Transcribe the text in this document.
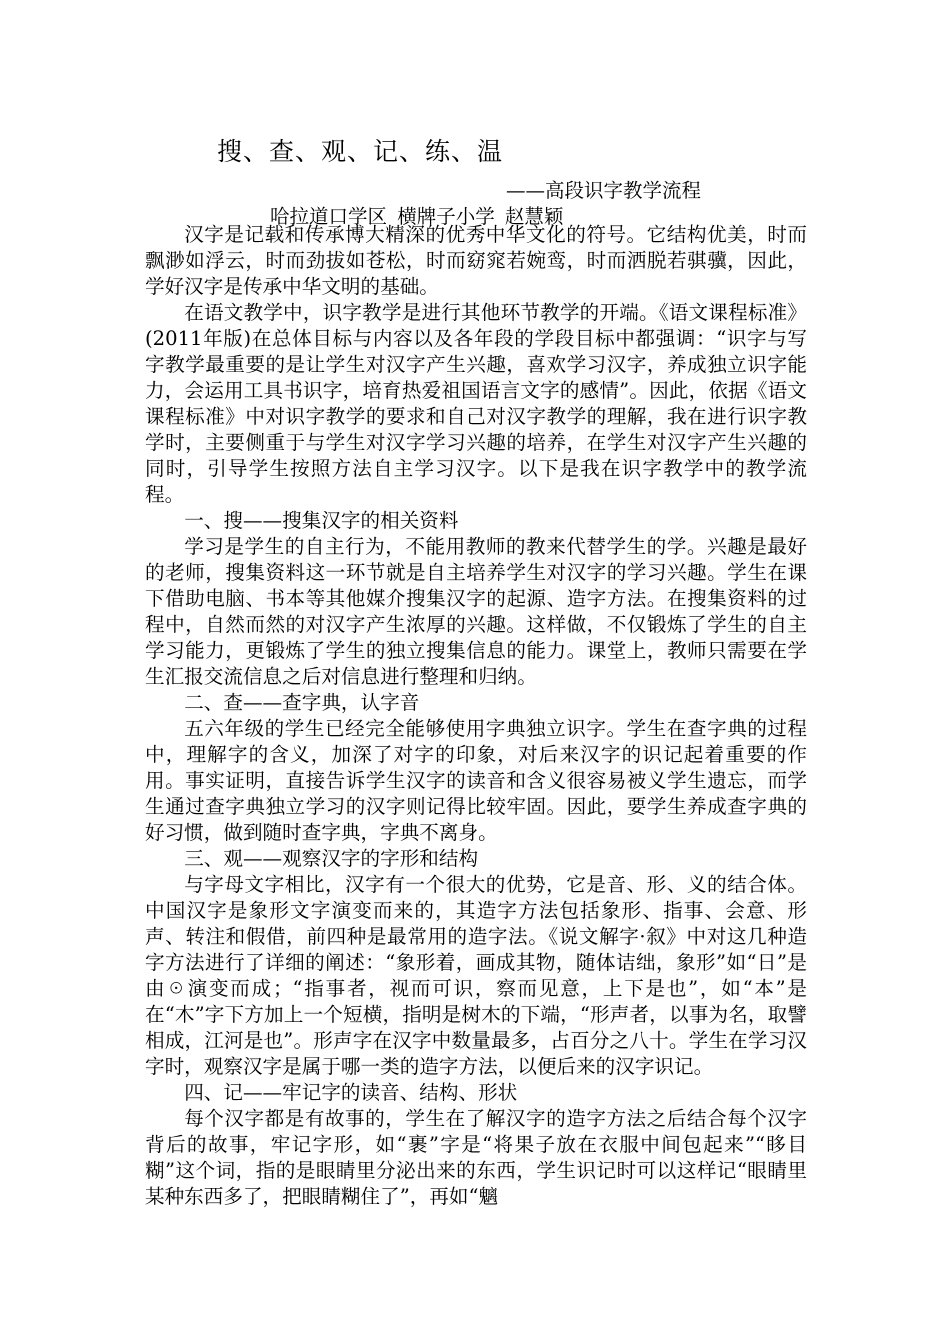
搜、查、观、记、练、温
——高段识字教学流程
哈拉道口学区 横牌子小学 赵慧颖

汉字是记载和传承博大精深的优秀中华文化的符号。它结构优美，时而飘渺如浮云，时而劲拔如苍松，时而窈窕若婉鸾，时而洒脱若骐骥，因此，学好汉字是传承中华文明的基础。

在语文教学中，识字教学是进行其他环节教学的开端。《语文课程标准》(2011年版)在总体目标与内容以及各年段的学段目标中都强调：“识字与写字教学最重要的是让学生对汉字产生兴趣，喜欢学习汉字，养成独立识字能力，会运用工具书识字，培育热爱祖国语言文字的感情”。因此，依据《语文课程标准》中对识字教学的要求和自己对汉字教学的理解，我在进行识字教学时，主要侧重于与学生对汉字学习兴趣的培养，在学生对汉字产生兴趣的同时，引导学生按照方法自主学习汉字。以下是我在识字教学中的教学流程。

一、搜——搜集汉字的相关资料

学习是学生的自主行为，不能用教师的教来代替学生的学。兴趣是最好的老师，搜集资料这一环节就是自主培养学生对汉字的学习兴趣。学生在课下借助电脑、书本等其他媒介搜集汉字的起源、造字方法。在搜集资料的过程中，自然而然的对汉字产生浓厚的兴趣。这样做，不仅锻炼了学生的自主学习能力，更锻炼了学生的独立搜集信息的能力。课堂上，教师只需要在学生汇报交流信息之后对信息进行整理和归纳。

二、查——查字典，认字音

五六年级的学生已经完全能够使用字典独立识字。学生在查字典的过程中，理解字的含义，加深了对字的印象，对后来汉字的识记起着重要的作用。事实证明，直接告诉学生汉字的读音和含义很容易被义学生遗忘，而学生通过查字典独立学习的汉字则记得比较牢固。因此，要学生养成查字典的好习惯，做到随时查字典，字典不离身。

三、观——观察汉字的字形和结构

与字母文字相比，汉字有一个很大的优势，它是音、形、义的结合体。中国汉字是象形文字演变而来的，其造字方法包括象形、指事、会意、形声、转注和假借，前四种是最常用的造字法。《说文解字·叙》中对这几种造字方法进行了详细的阐述：“象形着，画成其物，随体诘绌，象形”如“日”是由☉演变而成；“指事者，视而可识，察而见意，上下是也”，如“本”是在“木”字下方加上一个短横，指明是树木的下端，“形声者，以事为名，取譬相成，江河是也”。形声字在汉字中数量最多，占百分之八十。学生在学习汉字时，观察汉字是属于哪一类的造字方法，以便后来的汉字识记。

四、记——牢记字的读音、结构、形状

每个汉字都是有故事的，学生在了解汉字的造字方法之后结合每个汉字背后的故事，牢记字形，如“裹”字是“将果子放在衣服中间包起来”“眵目糊”这个词，指的是眼睛里分泌出来的东西，学生识记时可以这样记“眼睛里某种东西多了，把眼睛糊住了”，再如“魑
